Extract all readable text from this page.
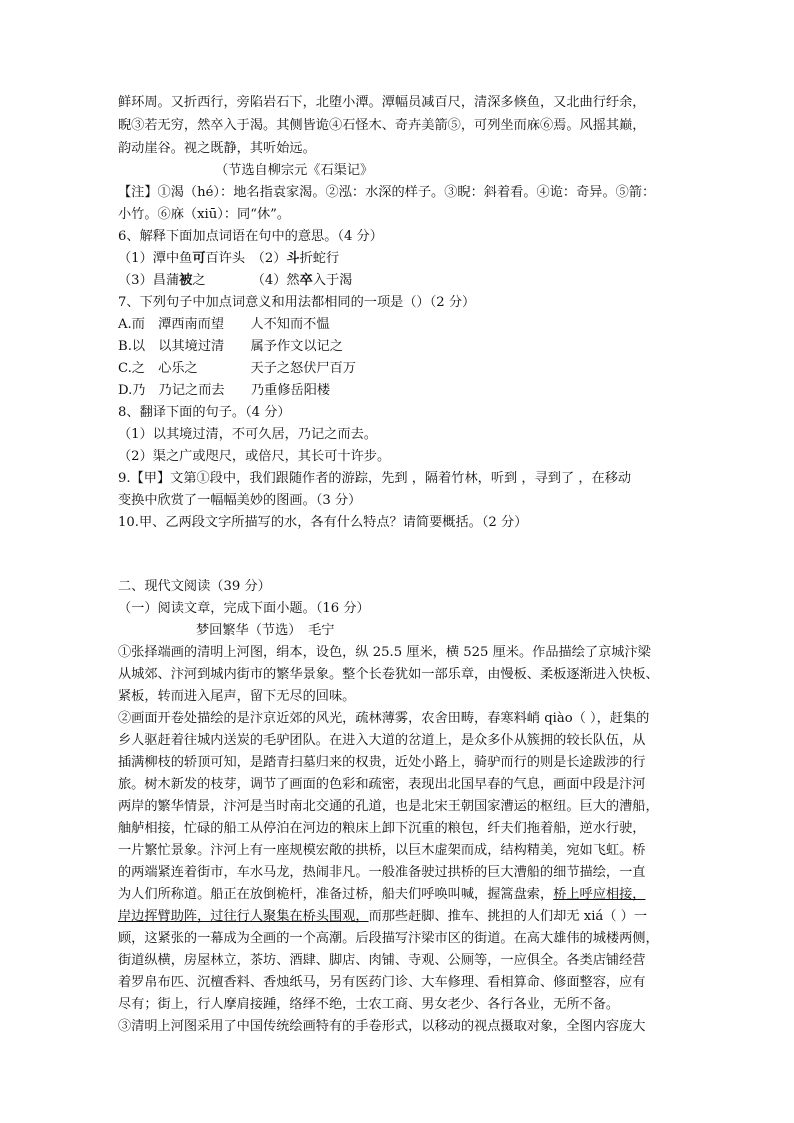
鲜环周。又折西行，旁陷岩石下，北堕小潭。潭幅员减百尺，清深多倏鱼，又北曲行纡余，
睨③若无穷，然卒入于渴。其侧皆诡④石怪木、奇卉美箭⑤，可列坐而庥⑥焉。风摇其巅，
韵动崖谷。视之既静，其听始远。
（节选自柳宗元《石渠记》
【注】①渴（hé）：地名指袁家渴。②泓：水深的样子。③睨：斜着看。④诡：奇异。⑤箭：
小竹。⑥庥（xiū）：同“休”。
6、解释下面加点词语在句中的意思。（4 分）
（1）潭中鱼可百许头　（2）斗折蛇行
（3）昌蒲被之　　　　（4）然卒入于渴
7、下列句子中加点词意义和用法都相同的一项是（）（2 分）
A.而　潭西南而望　　人不知而不愠
B.以　以其境过清　　属予作文以记之
C.之　心乐之　　　　天子之怒伏尸百万
D.乃　乃记之而去　　乃重修岳阳楼
8、翻译下面的句子。（4 分）
（1）以其境过清，不可久居，乃记之而去。
（2）渠之广或咫尺，或倍尺，其长可十许步。
9.【甲】文第①段中，我们跟随作者的游踪，先到 ，隔着竹林，听到 ，寻到了 ，在移动
变换中欣赏了一幅幅美妙的图画。（3 分）
10.甲、乙两段文字所描写的水，各有什么特点？请简要概括。（2 分）
二、现代文阅读（39 分）
（一）阅读文章，完成下面小题。（16 分）
梦回繁华（节选）　毛宁
①张择端画的清明上河图，绢本，设色，纵 25.5 厘米，横 525 厘米。作品描绘了京城汴梁
从城郊、汴河到城内街市的繁华景象。整个长卷犹如一部乐章，由慢板、柔板逐渐进入快板、
紧板，转而进入尾声，留下无尽的回味。
②画面开卷处描绘的是汴京近郊的风光，疏林薄雾，农舍田畴，春寒料峭 qiào（ ），赶集的
乡人驱赶着往城内送炭的毛驴团队。在进入大道的岔道上，是众多仆从簇拥的较长队伍，从
插满柳枝的轿顶可知，是踏青扫墓归来的权贵，近处小路上，骑驴而行的则是长途跋涉的行
旅。树木新发的枝芽，调节了画面的色彩和疏密，表现出北国早春的气息，画面中段是汴河
两岸的繁华情景，汴河是当时南北交通的孔道，也是北宋王朝国家漕运的枢纽。巨大的漕船，
舳舻相接，忙碌的船工从停泊在河边的粮床上卸下沉重的粮包，纤夫们拖着船，逆水行驶，
一片繁忙景象。汴河上有一座规模宏敞的拱桥，以巨木虚架而成，结构精美，宛如飞虹。桥
的两端紧连着街市，车水马龙，热闹非凡。一般准备驶过拱桥的巨大漕船的细节描绘，一直
为人们所称道。船正在放倒桅杆，准备过桥，船夫们呼唤叫喊，握篙盘索，桥上呼应相接，
岸边挥臂助阵，过往行人聚集在桥头围观，而那些赶脚、推车、挑担的人们却无 xiá（ ）一
顾，这紧张的一幕成为全画的一个高潮。后段描写汴梁市区的街道。在高大雄伟的城楼两侧，
街道纵横，房屋林立，茶坊、酒肆、脚店、肉铺、寺观、公厕等，一应俱全。各类店铺经营
着罗帛布匹、沉檀香料、香烛纸马，另有医药门诊、大车修理、看相算命、修面整容，应有
尽有；街上，行人摩肩接踵，络绎不绝，士农工商、男女老少、各行各业，无所不备。
③清明上河图采用了中国传统绘画特有的手卷形式，以移动的视点摄取对象，全图内容庞大
